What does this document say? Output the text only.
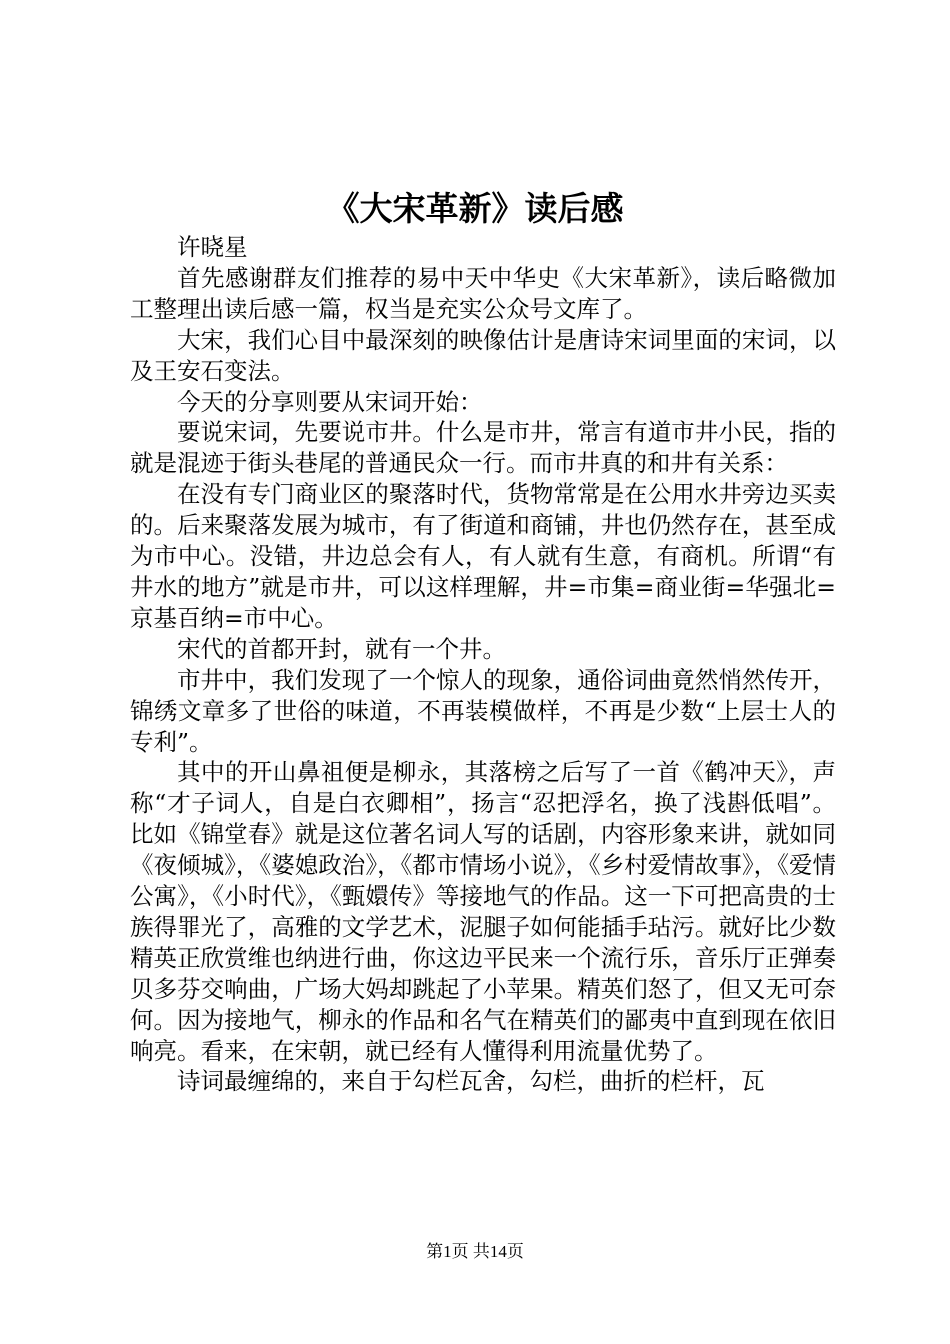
《大宋革新》读后感

许晓星

首先感谢群友们推荐的易中天中华史《大宋革新》，读后略微加工整理出读后感一篇，权当是充实公众号文库了。

大宋，我们心目中最深刻的映像估计是唐诗宋词里面的宋词，以及王安石变法。

今天的分享则要从宋词开始：

要说宋词，先要说市井。什么是市井，常言有道市井小民，指的就是混迹于街头巷尾的普通民众一行。而市井真的和井有关系：

在没有专门商业区的聚落时代，货物常常是在公用水井旁边买卖的。后来聚落发展为城市，有了街道和商铺，井也仍然存在，甚至成为市中心。没错，井边总会有人，有人就有生意，有商机。所谓“有井水的地方”就是市井，可以这样理解，井=市集=商业街=华强北=京基百纳=市中心。

宋代的首都开封，就有一个井。

市井中，我们发现了一个惊人的现象，通俗词曲竟然悄然传开，锦绣文章多了世俗的味道，不再装模做样，不再是少数“上层士人的专利”。

其中的开山鼻祖便是柳永，其落榜之后写了一首《鹤冲天》，声称“才子词人，自是白衣卿相”，扬言“忍把浮名，换了浅斟低唱”。比如《锦堂春》就是这位著名词人写的话剧，内容形象来讲，就如同《夜倾城》，《婆媳政治》，《都市情场小说》，《乡村爱情故事》，《爱情公寓》，《小时代》，《甄嬛传》等接地气的作品。这一下可把高贵的士族得罪光了，高雅的文学艺术，泥腿子如何能插手玷污。就好比少数精英正欣赏维也纳进行曲，你这边平民来一个流行乐，音乐厅正弹奏贝多芬交响曲，广场大妈却跳起了小苹果。精英们怒了，但又无可奈何。因为接地气，柳永的作品和名气在精英们的鄙夷中直到现在依旧响亮。看来，在宋朝，就已经有人懂得利用流量优势了。

诗词最缠绵的，来自于勾栏瓦舍，勾栏，曲折的栏杆，瓦

第1页 共14页
